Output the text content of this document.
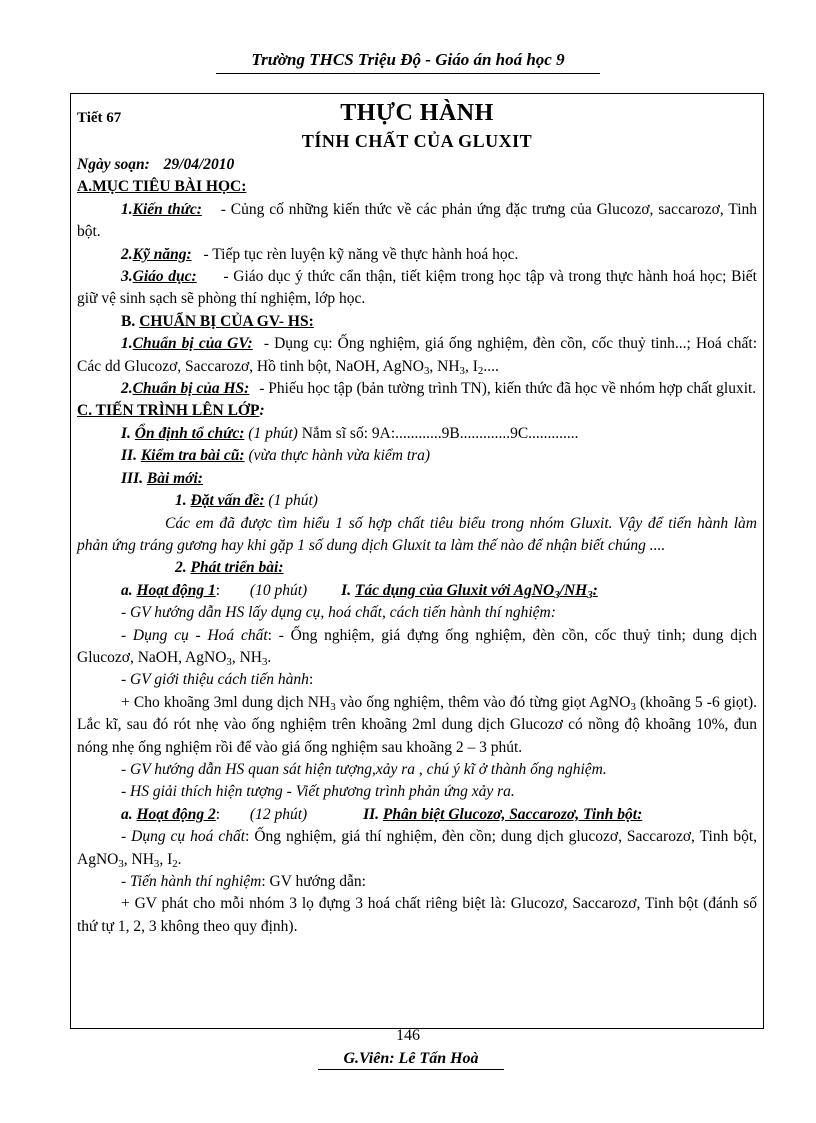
Trường THCS Triệu Độ - Giáo án hoá học 9
Tiết 67	THỰC HÀNH
TÍNH CHẤT CỦA GLUXIT

Ngày soạn: 29/04/2010

A.MỤC TIÊU BÀI HỌC:

1.Kiến thức: - Củng cố những kiến thức về các phản ứng đặc trưng của Glucozơ, saccarozơ, Tinh bột.

2.Kỹ năng: - Tiếp tục rèn luyện kỹ năng về thực hành hoá học.

3.Giáo dục: - Giáo dục ý thức cẩn thận, tiết kiệm trong học tập và trong thực hành hoá học; Biết giữ vệ sinh sạch sẽ phòng thí nghiệm, lớp học.

B. CHUẨN BỊ CỦA GV- HS:

1.Chuẩn bị của GV: - Dụng cụ: Ống nghiệm, giá ống nghiệm, đèn cồn, cốc thuỷ tinh...; Hoá chất: Các dd Glucozơ, Saccarozơ, Hồ tinh bột, NaOH, AgNO$_3$, $NH_3$, $I_2$....

2.Chuẩn bị của HS: - Phiếu học tập (bản tường trình TN), kiến thức đã học về nhóm hợp chất gluxit.

C. TIẾN TRÌNH LÊN LỚP:

I. Ổn định tổ chức: (1 phút) Nắm sĩ số: 9A:............9B.............9C.............

II. Kiểm tra bài cũ: (vừa thực hành vừa kiểm tra)

III. Bài mới:

1. Đặt vấn đề: (1 phút)

Các em đã được tìm hiểu 1 số hợp chất tiêu biểu trong nhóm Gluxit. Vậy để tiến hành làm phản ứng tráng gương hay khi gặp 1 số dung dịch Gluxit ta làm thế nào để nhận biết chúng ....

2. Phát triển bài:

a. Hoạt động 1: (10 phút) I. Tác dụng của Gluxit với $AgNO_3/NH_3$:

- GV hướng dẫn HS lấy dụng cụ, hoá chất, cách tiến hành thí nghiệm:

- Dụng cụ - Hoá chất: - Ống nghiệm, giá đựng ống nghiệm, đèn cồn, cốc thuỷ tinh; dung dịch Glucozơ, NaOH, AgNO$_3$, $NH_3$.

- GV giới thiệu cách tiến hành:

+ Cho khoãng 3ml dung dịch $NH_3$ vào ống nghiệm, thêm vào đó từng giọt AgNO$_3$ (khoãng 5 -6 giọt). Lắc kĩ, sau đó rót nhẹ vào ống nghiệm trên khoãng 2ml dung dịch Glucozơ có nồng độ khoãng 10%, đun nóng nhẹ ống nghiệm rồi để vào giá ống nghiệm sau khoãng 2 – 3 phút.

- GV hướng dẫn HS quan sát hiện tượng,xảy ra , chú ý kĩ ở thành ống nghiệm.

- HS giải thích hiện tượng - Viết phương trình phản ứng xảy ra.

a. Hoạt động 2: (12 phút)	II. Phân biệt Glucozơ, Saccarozơ, Tinh bột:

- Dụng cụ hoá chất: Ống nghiệm, giá thí nghiệm, đèn cồn; dung dịch glucozơ, Saccarozơ, Tinh bột, AgNO$_3$, $NH_3$, $I_2$.

- Tiến hành thí nghiệm: GV hướng dẫn:

+ GV phát cho mỗi nhóm 3 lọ đựng 3 hoá chất riêng biệt là: Glucozơ, Saccarozơ, Tinh bột (đánh số thứ tự 1, 2, 3 không theo quy định).

146
G.Viên: Lê Tấn Hoà
